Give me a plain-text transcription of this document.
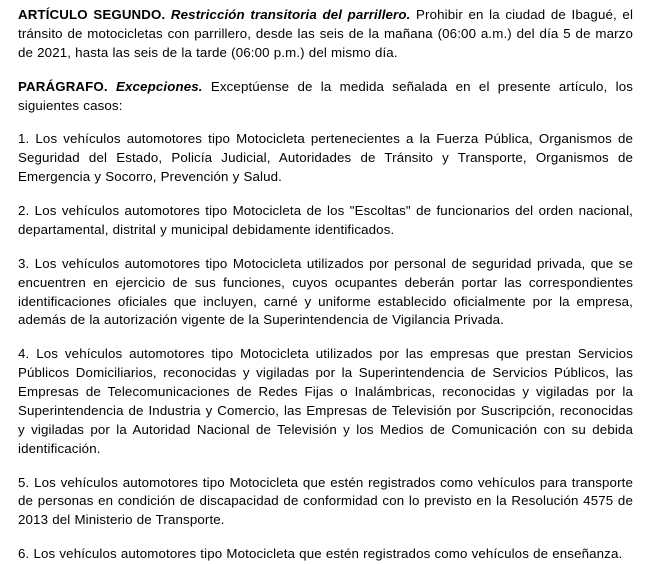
ARTÍCULO SEGUNDO. Restricción transitoria del parrillero. Prohibir en la ciudad de Ibagué, el tránsito de motocicletas con parrillero, desde las seis de la mañana (06:00 a.m.) del día 5 de marzo de 2021, hasta las seis de la tarde (06:00 p.m.) del mismo día.

PARÁGRAFO. Excepciones. Exceptúense de la medida señalada en el presente artículo, los siguientes casos:

1. Los vehículos automotores tipo Motocicleta pertenecientes a la Fuerza Pública, Organismos de Seguridad del Estado, Policía Judicial, Autoridades de Tránsito y Transporte, Organismos de Emergencia y Socorro, Prevención y Salud.

2. Los vehículos automotores tipo Motocicleta de los "Escoltas" de funcionarios del orden nacional, departamental, distrital y municipal debidamente identificados.

3. Los vehículos automotores tipo Motocicleta utilizados por personal de seguridad privada, que se encuentren en ejercicio de sus funciones, cuyos ocupantes deberán portar las correspondientes identificaciones oficiales que incluyen, carné y uniforme establecido oficialmente por la empresa, además de la autorización vigente de la Superintendencia de Vigilancia Privada.

4. Los vehículos automotores tipo Motocicleta utilizados por las empresas que prestan Servicios Públicos Domiciliarios, reconocidas y vigiladas por la Superintendencia de Servicios Públicos, las Empresas de Telecomunicaciones de Redes Fijas o Inalámbricas, reconocidas y vigiladas por la Superintendencia de Industria y Comercio, las Empresas de Televisión por Suscripción, reconocidas y vigiladas por la Autoridad Nacional de Televisión y los Medios de Comunicación con su debida identificación.

5. Los vehículos automotores tipo Motocicleta que estén registrados como vehículos para transporte de personas en condición de discapacidad de conformidad con lo previsto en la Resolución 4575 de 2013 del Ministerio de Transporte.

6. Los vehículos automotores tipo Motocicleta que estén registrados como vehículos de enseñanza.
